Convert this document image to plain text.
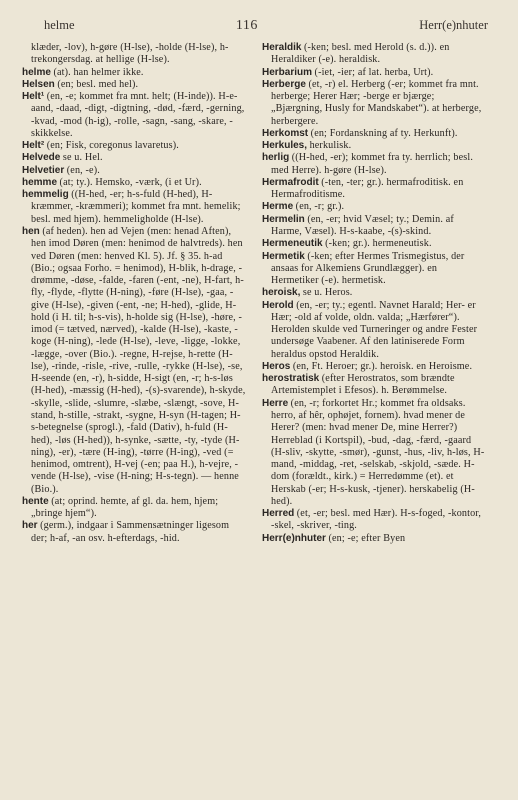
helme	116	Herr(e)nhuter

klæder, -lov), h-gøre (H-lse), -holde (H-lse), h-trekongersdag. at hellige (H-lse).

helme (at). han helmer ikke.

Helsen (en; besl. med hel).

Helt¹ (en, -e; kommet fra mnt. helt; (H-inde)). H-e-aand, -daad, -digt, -digtning, -død, -færd, -gerning, -kvad, -mod (h-ig), -rolle, -sagn, -sang, -skare, -skikkelse.

Helt² (en; Fisk, coregonus lavaretus).

Helvede se u. Hel.

Helvetier (en, -e).

hemme (at; ty.). Hemsko, -værk, (i et Ur).

hemmelig ((H-hed, -er; h-s-fuld (H-hed), H-kræmmer, -kræmmeri); kommet fra mnt. hemelik; besl. med hjem). hemmeligholde (H-lse).

hen (af heden). hen ad Vejen (men: henad Aften), hen imod Døren (men: henimod de halvtreds). hen ved Døren (men: henved Kl. 5). Jf. § 35. h-ad (Bio.; ogsaa Forho. = henimod), H-blik, h-drage, -drømme, -døse, -falde, -faren (-ent, -ne), H-fart, h-fly, -flyde, -flytte (H-ning), -føre (H-lse), -gaa, -give (H-lse), -given (-ent, -ne; H-hed), -glide, H-hold (i H. til; h-s-vis), h-holde sig (H-lse), -høre, -imod (= tætved, nærved), -kalde (H-lse), -kaste, -koge (H-ning), -lede (H-lse), -leve, -ligge, -lokke, -lægge, -over (Bio.). -regne, H-rejse, h-rette (H-lse), -rinde, -risle, -rive, -rulle, -rykke (H-lse), -se, H-seende (en, -r), h-sidde, H-sigt (en, -r; h-s-løs (H-hed), -mæssig (H-hed), -(s)-svarende), h-skyde, -skylle, -slide, -slumre, -slæbe, -slængt, -sove, H-stand, h-stille, -strakt, -sygne, H-syn (H-tagen; H-s-betegnelse (sprogl.), -fald (Dativ), h-fuld (H-hed), -løs (H-hed)), h-synke, -sætte, -ty, -tyde (H-ning), -er), -tære (H-ing), -tørre (H-ing), -ved (= henimod, omtrent), H-vej (-en; paa H.), h-vejre, -vende (H-lse), -vise (H-ning; H-s-tegn). — henne (Bio.).

hente (at; oprind. hemte, af gl. da. hem, hjem; „bringe hjem“).

her (germ.), indgaar i Sammensætninger ligesom der; h-af, -an osv. h-efterdags, -hid.

Heraldik (-ken; besl. med Herold (s. d.)). en Heraldiker (-e). heraldisk.

Herbarium (-iet, -ier; af lat. herba, Urt).

Herberge (et, -r) el. Herberg (-er; kommet fra mnt. herberge; Herer Hær; -berge er bjærge; „Bjærgning, Husly for Mandskabet“). at herberge, herbergere.

Herkomst (en; Fordanskning af ty. Herkunft).

Herkules, herkulisk.

herlig ((H-hed, -er); kommet fra ty. herrlich; besl. med Herre). h-gøre (H-lse).

Hermafrodit (-ten, -ter; gr.). hermafroditisk. en Hermafroditisme.

Herme (en, -r; gr.).

Hermelin (en, -er; hvid Væsel; ty.; Demin. af Harme, Væsel). H-s-kaabe, -(s)-skind.

Hermeneutik (-ken; gr.). hermeneutisk.

Hermetik (-ken; efter Hermes Trismegistus, der ansaas for Alkemiens Grundlægger). en Hermetiker (-e). hermetisk.

heroisk, se u. Heros.

Herold (en, -er; ty.; egentl. Navnet Harald; Her- er Hær; -old af volde, oldn. valda; „Hærfører“). Herolden skulde ved Turneringer og andre Fester undersøge Vaabener. Af den latiniserede Form heraldus opstod Heraldik.

Heros (en, Ft. Heroer; gr.). heroisk. en Heroisme.

herostratisk (efter Herostratos, som brændte Artemistemplet i Efesos). h. Berømmelse.

Herre (en, -r; forkortet Hr.; kommet fra oldsaks. herro, af hêr, ophøjet, fornem). hvad mener de Herer? (men: hvad mener De, mine Herrer?) Herreblad (i Kortspil), -bud, -dag, -færd, -gaard (H-sliv, -skytte, -smør), -gunst, -hus, -liv, h-løs, H-mand, -middag, -ret, -selskab, -skjold, -sæde. H-dom (forældt., kirk.) = Herredømme (et). et Herskab (-er; H-s-kusk, -tjener). herskabelig (H-hed).

Herred (et, -er; besl. med Hær). H-s-foged, -kontor, -skel, -skriver, -ting.

Herr(e)nhuter (en; -e; efter Byen
